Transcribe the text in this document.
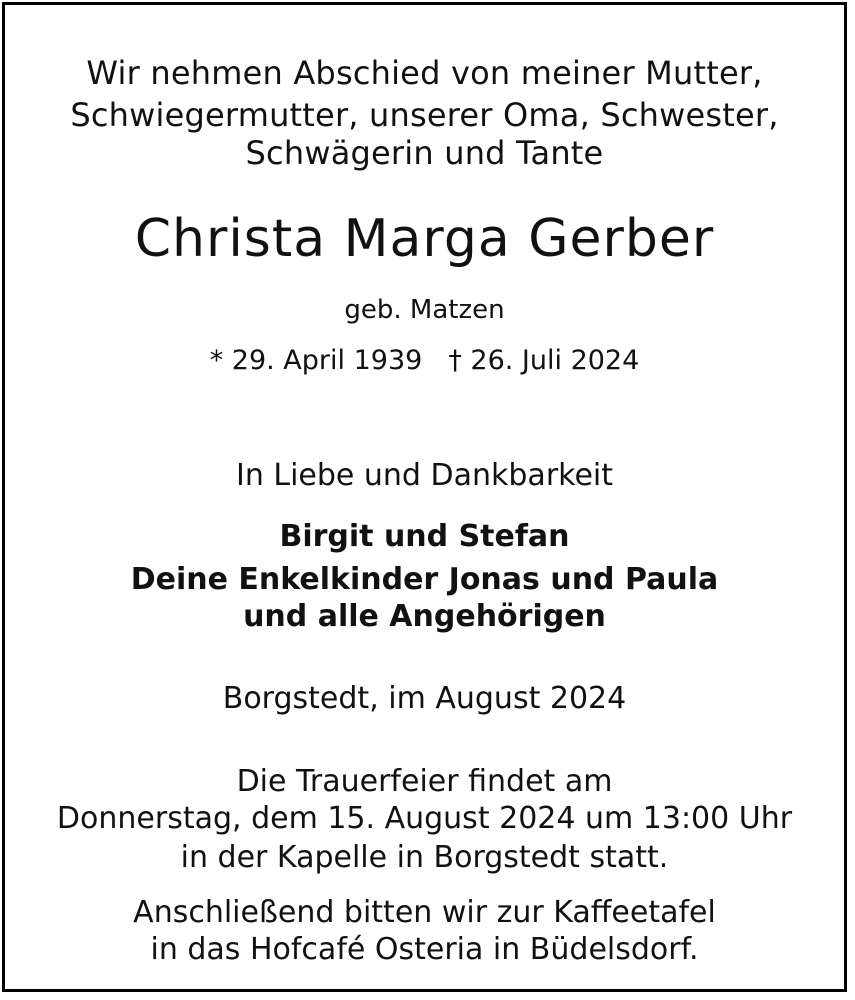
Wir nehmen Abschied von meiner Mutter,
Schwiegermutter, unserer Oma, Schwester,
Schwägerin und Tante
Christa Marga Gerber
geb. Matzen
* 29. April 1939 † 26. Juli 2024
In Liebe und Dankbarkeit
Birgit und Stefan
Deine Enkelkinder Jonas und Paula
und alle Angehörigen
Borgstedt, im August 2024
Die Trauerfeier findet am
Donnerstag, dem 15. August 2024 um 13:00 Uhr
in der Kapelle in Borgstedt statt.
Anschließend bitten wir zur Kaffeetafel
in das Hofcafé Osteria in Büdelsdorf.
